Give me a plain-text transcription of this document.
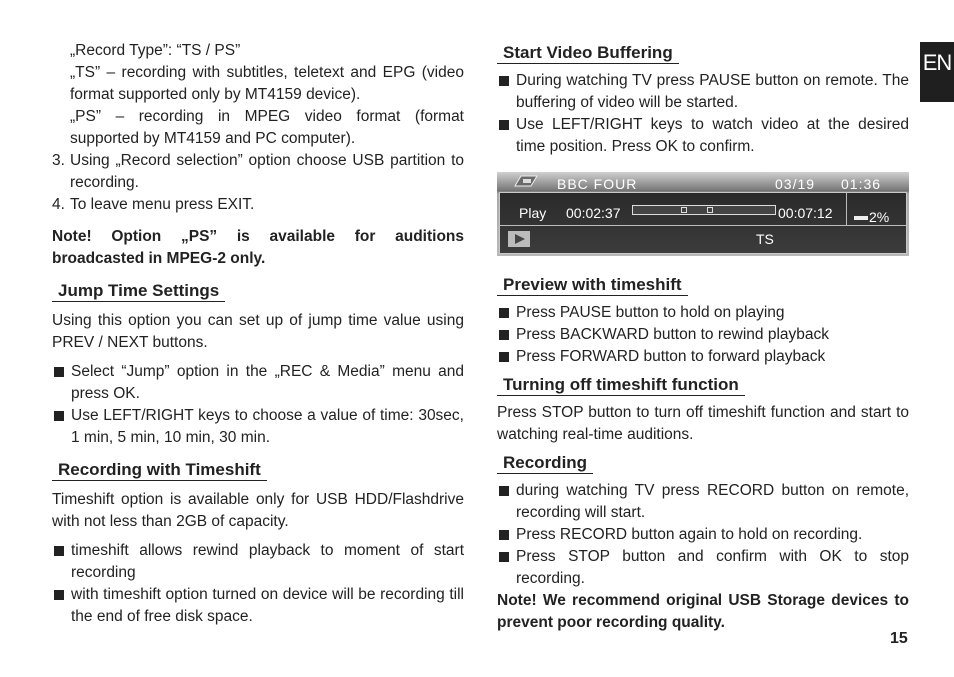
„Record Type”: “TS / PS”

„TS” – recording with subtitles, teletext and EPG (video format supported only by MT4159 device).

„PS” – recording in MPEG video format (format supported by MT4159 and PC computer).

3. Using „Record selection” option choose USB partition to recording.
4. To leave menu press EXIT.

Note! Option „PS” is available for auditions broadcasted in MPEG-2 only.

Jump Time Settings

Using this option you can set up of jump time value using PREV / NEXT buttons.

Select “Jump” option in the „REC & Media” menu and press OK.

Use LEFT/RIGHT keys to choose a value of time: 30sec, 1 min, 5 min, 10 min, 30 min.

Recording with Timeshift

Timeshift option is available only for USB HDD/Flashdrive with not less than 2GB of capacity.

timeshift allows rewind playback to moment of start recording

with timeshift option turned on device will be recording till the end of free disk space.

Start Video Buffering

During watching TV press PAUSE button on remote. The buffering of video will be started.

Use LEFT/RIGHT keys to watch video at the desired time position. Press OK to confirm.

BBC FOUR	03/19 01:36
Play 00:02:37	00:07:12	2%
TS
Preview with timeshift

Press PAUSE button to hold on playing

Press BACKWARD button to rewind playback

Press FORWARD button to forward playback

Turning off timeshift function

Press STOP button to turn off timeshift function and start to watching real-time auditions.

Recording

during watching TV press RECORD button on remote, recording will start.

Press RECORD button again to hold on recording.

Press STOP button and confirm with OK to stop recording.

Note! We recommend original USB Storage devices to prevent poor recording quality.

EN
15
